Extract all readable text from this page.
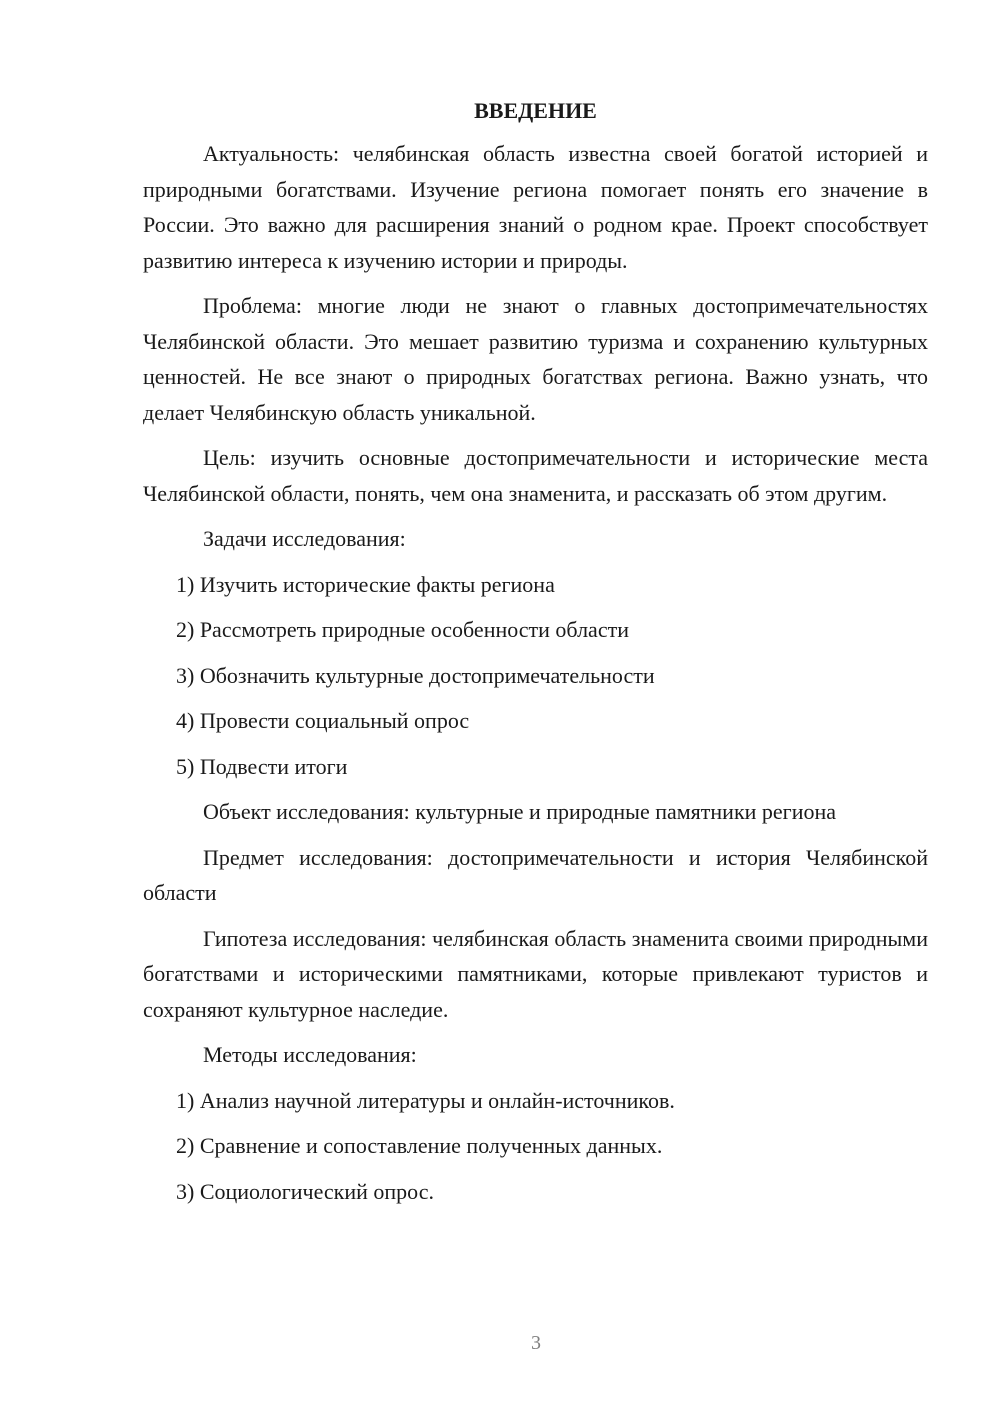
ВВЕДЕНИЕ

Актуальность: челябинская область известна своей богатой историей и природными богатствами. Изучение региона помогает понять его значение в России. Это важно для расширения знаний о родном крае. Проект способствует развитию интереса к изучению истории и природы.

Проблема: многие люди не знают о главных достопримечательностях Челябинской области. Это мешает развитию туризма и сохранению культурных ценностей. Не все знают о природных богатствах региона. Важно узнать, что делает Челябинскую область уникальной.

Цель: изучить основные достопримечательности и исторические места Челябинской области, понять, чем она знаменита, и рассказать об этом другим.

Задачи исследования:

1) Изучить исторические факты региона

2) Рассмотреть природные особенности области

3) Обозначить культурные достопримечательности

4) Провести социальный опрос

5) Подвести итоги

Объект исследования: культурные и природные памятники региона

Предмет исследования: достопримечательности и история Челябинской области

Гипотеза исследования: челябинская область знаменита своими природными богатствами и историческими памятниками, которые привлекают туристов и сохраняют культурное наследие.

Методы исследования:

1) Анализ научной литературы и онлайн-источников.

2) Сравнение и сопоставление полученных данных.

3) Социологический опрос.

3
